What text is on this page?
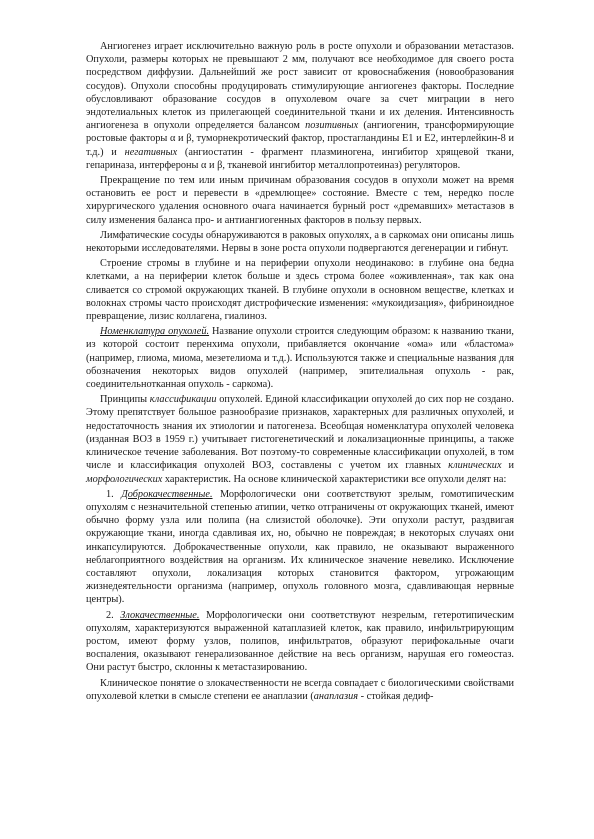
Ангиогенез играет исключительно важную роль в росте опухоли и образовании метастазов. Опухоли, размеры которых не превышают 2 мм, получают все необходимое для своего роста посредством диффузии. Дальнейший же рост зависит от кровоснабжения (новообразования сосудов). Опухоли способны продуцировать стимулирующие ангиогенез факторы. Последние обусловливают образование сосудов в опухолевом очаге за счет миграции в него эндотелиальных клеток из прилегающей соединительной ткани и их деления. Интенсивность ангиогенеза в опухоли определяется балансом позитивных (ангиогенин, трансформирующие ростовые факторы α и β, туморнекротический фактор, простагландины E1 и E2, интерлейкин-8 и т.д.) и негативных (ангиостатин - фрагмент плазминогена, ингибитор хрящевой ткани, гепариназа, интерфероны α и β, тканевой ингибитор металлопротеиназ) регуляторов.

Прекращение по тем или иным причинам образования сосудов в опухоли может на время остановить ее рост и перевести в «дремлющее» состояние. Вместе с тем, нередко после хирургического удаления основного очага начинается бурный рост «дремавших» метастазов в силу изменения баланса про- и антиангиогенных факторов в пользу первых.

Лимфатические сосуды обнаруживаются в раковых опухолях, а в саркомах они описаны лишь некоторыми исследователями. Нервы в зоне роста опухоли подвергаются дегенерации и гибнут.

Строение стромы в глубине и на периферии опухоли неодинаково: в глубине она бедна клетками, а на периферии клеток больше и здесь строма более «оживленная», так как она сливается со стромой окружающих тканей. В глубине опухоли в основном веществе, клетках и волокнах стромы часто происходят дистрофические изменения: «мукоидизация», фибриноидное превращение, лизис коллагена, гиалиноз.

Номенклатура опухолей. Название опухоли строится следующим образом: к названию ткани, из которой состоит перенхима опухоли, прибавляется окончание «ома» или «бластома» (например, глиома, миома, мезетелиома и т.д.). Используются также и специальные названия для обозначения некоторых видов опухолей (например, эпителиальная опухоль - рак, соединительнотканная опухоль - саркома).

Принципы классификации опухолей. Единой классификации опухолей до сих пор не создано. Этому препятствует большое разнообразие признаков, характерных для различных опухолей, и недостаточность знания их этиологии и патогенеза. Всеобщая номенклатура опухолей человека (изданная ВОЗ в 1959 г.) учитывает гистогенетический и локализационные принципы, а также клиническое течение заболевания. Вот поэтому-то современные классификации опухолей, в том числе и классификация опухолей ВОЗ, составлены с учетом их главных клинических и морфологических характеристик. На основе клинической характеристики все опухоли делят на:

1. Доброкачественные. Морфологически они соответствуют зрелым, гомотипическим опухолям с незначительной степенью атипии, четко отграничены от окружающих тканей, имеют обычно форму узла или полипа (на слизистой оболочке). Эти опухоли растут, раздвигая окружающие ткани, иногда сдавливая их, но, обычно не повреждая; в некоторых случаях они инкапсулируются. Доброкачественные опухоли, как правило, не оказывают выраженного неблагоприятного воздействия на организм. Их клиническое значение невелико. Исключение составляют опухоли, локализация которых становится фактором, угрожающим жизнедеятельности организма (например, опухоль головного мозга, сдавливающая нервные центры).

2. Злокачественные. Морфологически они соответствуют незрелым, гетеротипическим опухолям, характеризуются выраженной катаплазией клеток, как правило, инфильтрирующим ростом, имеют форму узлов, полипов, инфильтратов, образуют перифокальные очаги воспаления, оказывают генерализованное действие на весь организм, нарушая его гомеостаз. Они растут быстро, склонны к метастазированию.

Клиническое понятие о злокачественности не всегда совпадает с биологическими свойствами опухолевой клетки в смысле степени ее анаплазии (анаплазия - стойкая дедиф-
